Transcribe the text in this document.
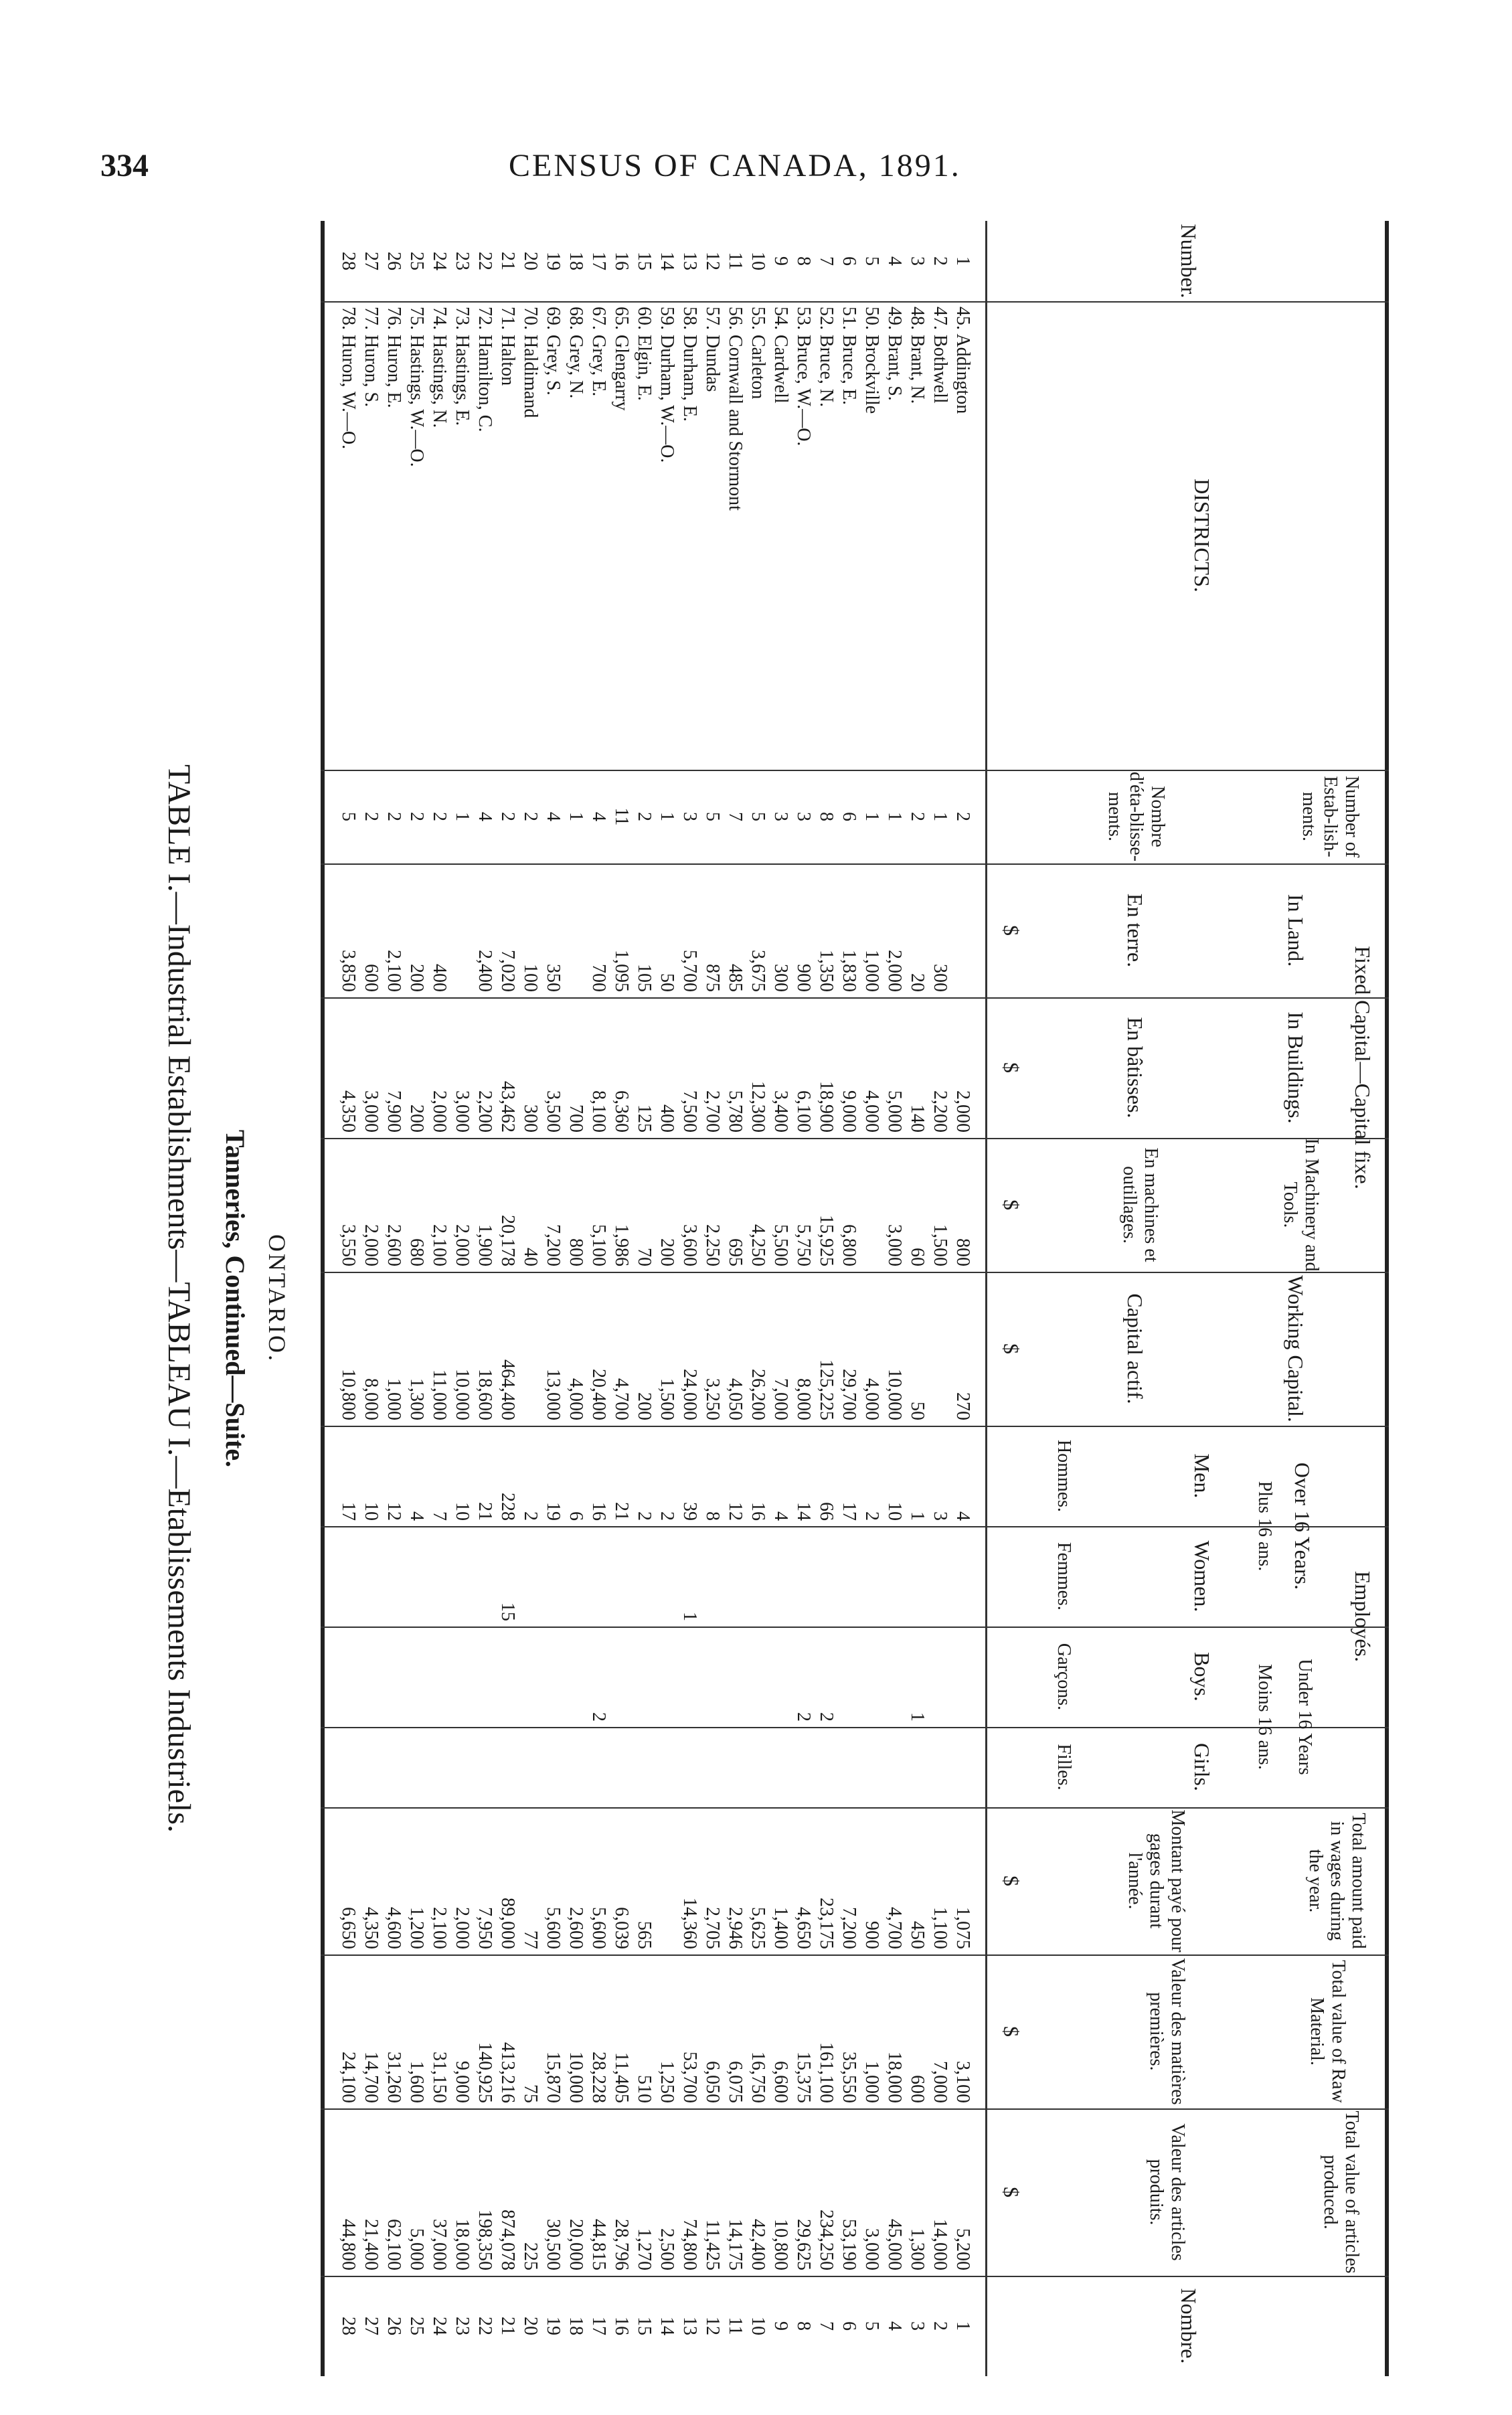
334	CENSUS OF CANADA, 1891.
TABLE I.—Industrial Establishments—TABLEAU I.—Etablissements Industriels. Tanneries, Continued—Suite. ONTARIO.
Number.
DISTRICTS.
Number of Estab-lish-ments.
Nombre d'éta-blisse-ments.
Fixed Capital—Capital fixe.
In Land.
En terre.
In Buildings.
En bâtisses.
In Machinery and Tools.
En machines et outillages.
Working Capital.
Capital actif.
Employés.
Over 16 Years.
Plus 16 ans.
Under 16 Years
Moins 16 ans.
Men.
Hommes.
Women.
Femmes.
Boys.
Garçons.
Girls.
Filles.
Total amount paid in wages during the year.
Montant payé pour gages durant l'année.
Total value of Raw Material.
Valeur des matières premières.
Total value of articles produced.
Valeur des articles produits.
Nombre.
$
$
$
$
$
$
$
1
45. Addington
2
2,000
800
270
4
1,075
3,100
5,200
1
2
47. Bothwell
1
300
2,200
1,500
3
1,100
7,000
14,000
2
3
48. Brant, N.
2
20
140
60
50
1
1
450
600
1,300
3
4
49. Brant, S.
1
2,000
5,000
3,000
10,000
10
4,700
18,000
45,000
4
5
50. Brockville
1
1,000
4,000
4,000
2
900
1,000
3,000
5
6
51. Bruce, E.
6
1,830
9,000
6,800
29,700
17
7,200
35,550
53,190
6
7
52. Bruce, N.
8
1,350
18,900
15,925
125,225
66
2
23,175
161,100
234,250
7
8
53. Bruce, W.—O.
3
900
6,100
5,750
8,000
14
2
4,650
15,375
29,625
8
9
54. Cardwell
3
300
3,400
5,500
7,000
4
1,400
6,600
10,800
9
10
55. Carleton
5
3,675
12,300
4,250
26,200
16
5,625
16,750
42,400
10
11
56. Cornwall and Stormont
7
485
5,780
695
4,050
12
2,946
6,075
14,175
11
12
57. Dundas
5
875
2,700
2,250
3,250
8
2,705
6,050
11,425
12
13
58. Durham, E.
3
5,700
7,500
3,600
24,000
39
1
14,360
53,700
74,800
13
14
59. Durham, W.—O.
1
50
400
200
1,500
2
1,250
2,500
14
15
60. Elgin, E.
2
105
125
70
200
2
565
510
1,270
15
16
65. Glengarry
11
1,095
6,360
1,986
4,700
21
6,039
11,405
28,796
16
17
67. Grey, E.
4
700
8,100
5,100
20,400
16
2
5,600
28,228
44,815
17
18
68. Grey, N.
1
700
800
4,000
6
2,600
10,000
20,000
18
19
69. Grey, S.
4
350
3,500
7,200
13,000
19
5,600
15,870
30,500
19
20
70. Haldimand
2
100
300
40
2
77
75
225
20
21
71. Halton
2
7,020
43,462
20,178
464,400
228
15
89,000
413,216
874,078
21
22
72. Hamilton, C.
4
2,400
2,200
1,900
18,600
21
7,950
140,925
198,350
22
23
73. Hastings, E.
1
3,000
2,000
10,000
10
2,000
9,000
18,000
23
24
74. Hastings, N.
2
400
2,000
2,100
11,000
7
2,100
31,150
37,000
24
25
75. Hastings, W.—O.
2
200
200
680
1,300
4
1,200
1,600
5,000
25
26
76. Huron, E.
2
2,100
7,900
2,600
1,000
12
4,600
31,260
62,100
26
27
77. Huron, S.
2
600
3,000
2,000
8,000
10
4,350
14,700
21,400
27
28
78. Huron, W.—O.
5
3,850
4,350
3,550
10,800
17
6,650
24,100
44,800
28
